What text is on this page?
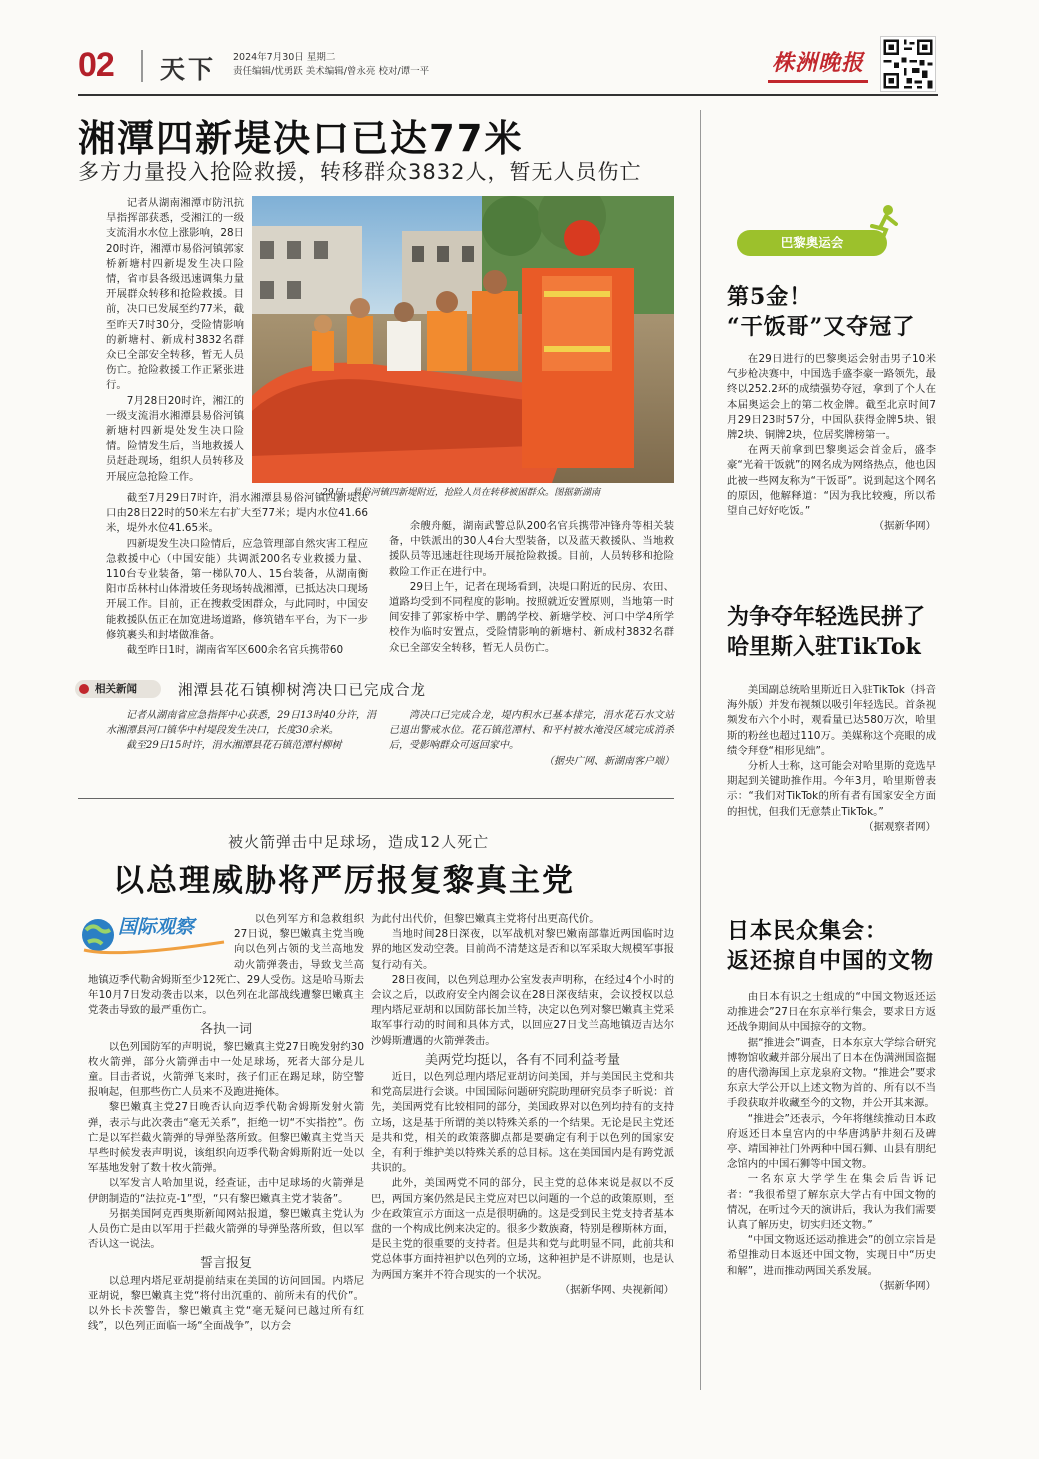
02 天下 2024年7月30日 星期二
责任编辑/忧勇跃 美术编辑/曾永亮 校对/谭一平	株洲晚报
湘潭四新堤决口已达77米
多方力量投入抢险救援，转移群众3832人，暂无人员伤亡

记者从湖南湘潭市防汛抗旱指挥部获悉，受湘江的一级支流涓水水位上涨影响，28日20时许，湘潭市易俗河镇郭家桥新塘村四新堤发生决口险情，省市县各级迅速调集力量开展群众转移和抢险救援。目前，决口已发展至约77米，截至昨天7时30分，受险情影响的新塘村、新成村3832名群众已全部安全转移，暂无人员伤亡。抢险救援工作正紧张进行。

7月28日20时许，湘江的一级支流涓水湘潭县易俗河镇新塘村四新堤处发生决口险情。险情发生后，当地救援人员赶赴现场，组织人员转移及开展应急抢险工作。

29日，易俗河镇四新堤附近，抢险人员在转移被困群众。图据新湖南

截至7月29日7时许，涓水湘潭县易俗河镇四新堤决口由28日22时的50米左右扩大至77米；堤内水位41.66米，堤外水位41.65米。

四新堤发生决口险情后，应急管理部自然灾害工程应急救援中心（中国安能）共调派200名专业救援力量、110台专业装备，第一梯队70人、15台装备，从湖南衡阳市岳林村山体滑坡任务现场转战湘潭，已抵达决口现场开展工作。目前，正在搜救受困群众，与此同时，中国安能救援队伍正在加宽进场道路，修筑错车平台，为下一步修筑裹头和封堵做准备。

截至昨日1时，湖南省军区600余名官兵携带60

余艘舟艇，湖南武警总队200名官兵携带冲锋舟等相关装备，中铁派出的30人4台大型装备，以及蓝天救援队、当地救援队员等迅速赶往现场开展抢险救援。目前，人员转移和抢险救险工作正在进行中。

29日上午，记者在现场看到，决堤口附近的民房、农田、道路均受到不同程度的影响。按照就近安置原则，当地第一时间安排了郭家桥中学、鹏鸽学校、新塘学校、河口中学4所学校作为临时安置点，受险情影响的新塘村、新成村3832名群众已全部安全转移，暂无人员伤亡。

相关新闻	湘潭县花石镇柳树湾决口已完成合龙

记者从湖南省应急指挥中心获悉，29日13时40分许，涓水湘潭县河口镇华中村堤段发生决口，长度30余米。

截至29日15时许，涓水湘潭县花石镇范潭村柳树

湾决口已完成合龙，堤内积水已基本排完，涓水花石水文站已退出警戒水位。花石镇范潭村、和平村被水淹没区域完成消杀后，受影响群众可返回家中。

（据央广网、新湖南客户端）

被火箭弹击中足球场，造成12人死亡
以总理威胁将严厉报复黎真主党
国际观察	以色列军方和急救组织27日说，黎巴嫩真主党当晚向以色列占领的戈兰高地发动火箭弹袭击，导致戈兰高地镇迈季代勒舍姆斯至少12死亡、29人受伤。这是哈马斯去年10月7日发动袭击以来，以色列在北部战线遭黎巴嫩真主党袭击导致的最严重伤亡。

各执一词

以色列国防军的声明说，黎巴嫩真主党27日晚发射约30枚火箭弹，部分火箭弹击中一处足球场，死者大部分是儿童。目击者说，火箭弹飞来时，孩子们正在踢足球，防空警报响起，但那些伤亡人员来不及跑进掩体。

黎巴嫩真主党27日晚否认向迈季代勒舍姆斯发射火箭弹，表示与此次袭击“毫无关系”，拒绝一切“不实指控”。伤亡是以军拦截火箭弹的导弹坠落所致。但黎巴嫩真主党当天早些时候发表声明说，该组织向迈季代勒舍姆斯附近一处以军基地发射了数十枚火箭弹。

以军发言人哈加里说，经查证，击中足球场的火箭弹是伊朗制造的“法拉克-1”型，“只有黎巴嫩真主党才装备”。

另据美国阿克西奥斯新闻网站报道，黎巴嫩真主党认为人员伤亡是由以军用于拦截火箭弹的导弹坠落所致，但以军否认这一说法。

誓言报复

以总理内塔尼亚胡提前结束在美国的访问回国。内塔尼亚胡说，黎巴嫩真主党“将付出沉重的、前所未有的代价”。以外长卡茨警告，黎巴嫩真主党“毫无疑问已越过所有红线”，以色列正面临一场“全面战争”，以方会

为此付出代价，但黎巴嫩真主党将付出更高代价。

当地时间28日深夜，以军战机对黎巴嫩南部靠近两国临时边界的地区发动空袭。目前尚不清楚这是否和以军采取大规模军事报复行动有关。

28日夜间，以色列总理办公室发表声明称，在经过4个小时的会议之后，以政府安全内阁会议在28日深夜结束，会议授权以总理内塔尼亚胡和以国防部长加兰特，决定以色列对黎巴嫩真主党采取军事行动的时间和具体方式，以回应27日戈兰高地镇迈吉达尔沙姆斯遭遇的火箭弹袭击。

美两党均挺以，各有不同利益考量

近日，以色列总理内塔尼亚胡访问美国，并与美国民主党和共和党高层进行会谈。中国国际问题研究院助理研究员李子昕说：首先，美国两党有比较相同的部分，美国政界对以色列均持有的支持立场，这是基于所谓的美以特殊关系的一个结果。无论是民主党还是共和党，相关的政策落脚点都是要确定有利于以色列的国家安全，有利于维护美以特殊关系的总目标。这在美国国内是有跨党派共识的。

此外，美国两党不同的部分，民主党的总体来说是叔以不反巴，两国方案仍然是民主党应对巴以问题的一个总的政策原则，至少在政策宣示方面这一点是很明确的。这是受到民主党支持者基本盘的一个构成比例来决定的。很多少数族裔，特别是穆斯林方面，是民主党的很重要的支持者。但是共和党与此明显不同，此前共和党总体事方面持袒护以色列的立场，这种袒护是不讲原则，也是认为两国方案并不符合现实的一个状况。

（据新华网、央视新闻）

巴黎奥运会
第5金！
“干饭哥”又夺冠了

在29日进行的巴黎奥运会射击男子10米气步枪决赛中，中国选手盛李豪一路领先，最终以252.2环的成绩强势夺冠，拿到了个人在本届奥运会上的第二枚金牌。截至北京时间7月29日23时57分，中国队获得金牌5块、银牌2块、铜牌2块，位居奖牌榜第一。

在两天前拿到巴黎奥运会首金后，盛李豪“光着干饭就”的网名成为网络热点，他也因此被一些网友称为“干饭哥”。说到起这个网名的原因，他解释道：“因为我比较瘦，所以希望自己好好吃饭。”

（据新华网）

为争夺年轻选民拼了
哈里斯入驻TikTok

美国副总统哈里斯近日入驻TikTok（抖音海外版）并发布视频以吸引年轻选民。首条视频发布六个小时，观看量已达580万次，哈里斯的粉丝也超过110万。美媒称这个亮眼的成绩令拜登“相形见绌”。

分析人士称，这可能会对哈里斯的竞选早期起到关键助推作用。今年3月，哈里斯曾表示：“我们对TikTok的所有者有国家安全方面的担忧，但我们无意禁止TikTok。”

（据观察者网）

日本民众集会：
返还掠自中国的文物

由日本有识之士组成的“中国文物返还运动推进会”27日在东京举行集会，要求日方返还战争期间从中国掠夺的文物。

据“推进会”调查，日本东京大学综合研究博物馆收藏并部分展出了日本在伪满洲国盗掘的唐代渤海国上京龙泉府文物。“推进会”要求东京大学公开以上述文物为首的、所有以不当手段获取并收藏至今的文物，并公开其来源。

“推进会”还表示，今年将继续推动日本政府返还日本皇宫内的中华唐鸿胪井刻石及碑亭、靖国神社门外两种中国石狮、山县有朋纪念馆内的中国石狮等中国文物。

一名东京大学学生在集会后告诉记者：“我很希望了解东京大学占有中国文物的情况，在听过今天的演讲后，我认为我们需要认真了解历史，切实归还文物。”

“中国文物返还运动推进会”的创立宗旨是希望推动日本返还中国文物，实现日中“历史和解”，进而推动两国关系发展。

（据新华网）
